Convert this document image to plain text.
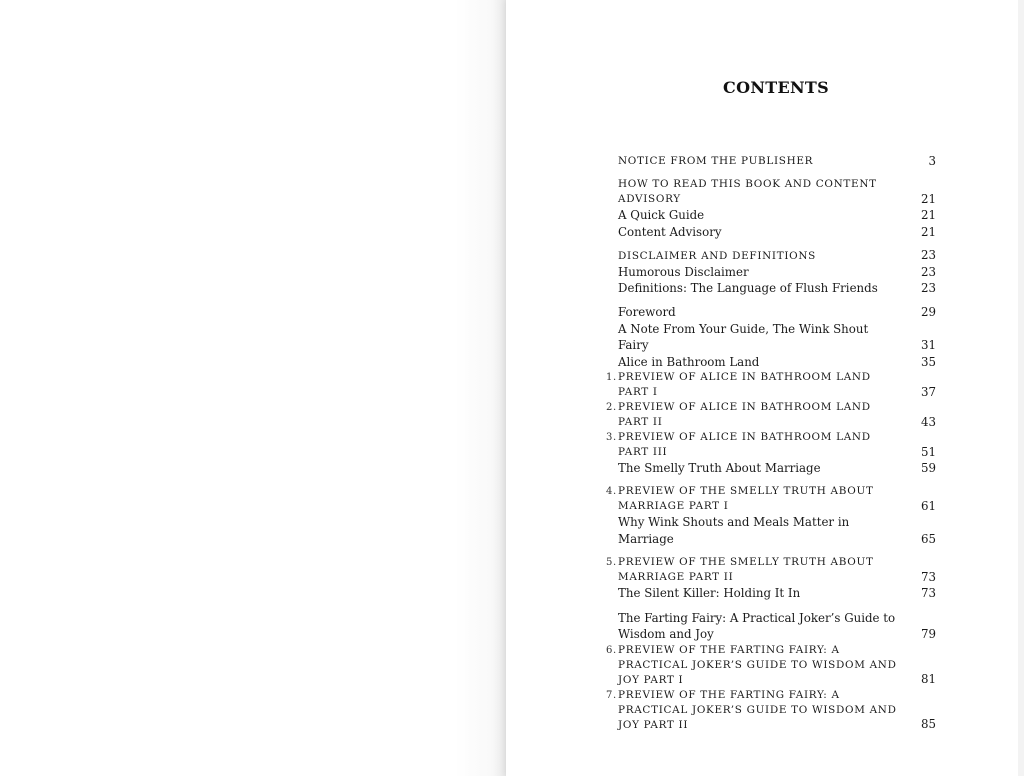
CONTENTS
NOTICE FROM THE PUBLISHER	3
HOW TO READ THIS BOOK AND CONTENT ADVISORY	21
A Quick Guide	21
Content Advisory	21
DISCLAIMER AND DEFINITIONS	23
Humorous Disclaimer	23
Definitions: The Language of Flush Friends	23
Foreword	29
A Note From Your Guide, The Wink Shout Fairy	31
Alice in Bathroom Land	35
1. PREVIEW OF ALICE IN BATHROOM LAND PART I	37
2. PREVIEW OF ALICE IN BATHROOM LAND PART II	43
3. PREVIEW OF ALICE IN BATHROOM LAND PART III	51
The Smelly Truth About Marriage	59
4. PREVIEW OF THE SMELLY TRUTH ABOUT MARRIAGE PART I	61
Why Wink Shouts and Meals Matter in Marriage	65
5. PREVIEW OF THE SMELLY TRUTH ABOUT MARRIAGE PART II	73
The Silent Killer: Holding It In	73
The Farting Fairy: A Practical Joker’s Guide to Wisdom and Joy	79
6. PREVIEW OF THE FARTING FAIRY: A PRACTICAL JOKER’S GUIDE TO WISDOM AND JOY PART I	81
7. PREVIEW OF THE FARTING FAIRY: A PRACTICAL JOKER’S GUIDE TO WISDOM AND JOY PART II	85
